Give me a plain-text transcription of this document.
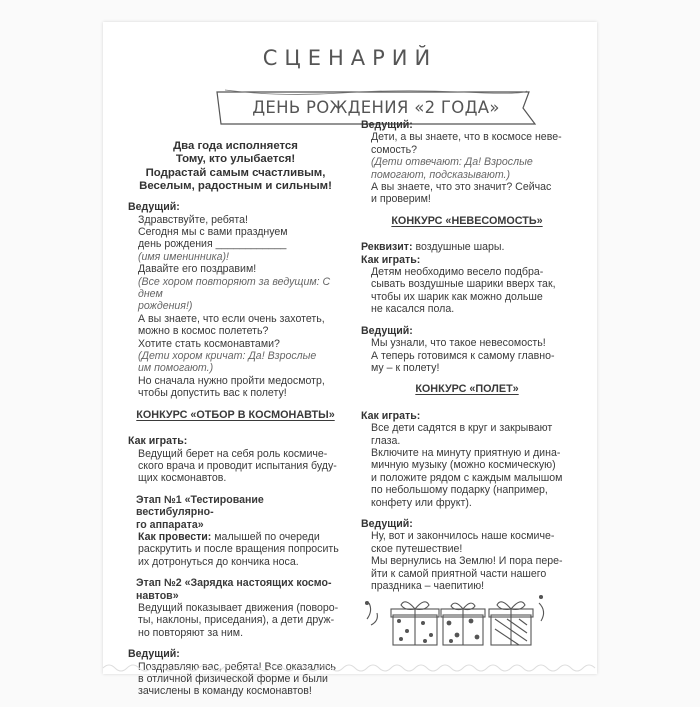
СЦЕНАРИЙ
ДЕНЬ РОЖДЕНИЯ «2 ГОДА»
Два года исполняется
Тому, кто улыбается!
Подрастай самым счастливым,
Веселым, радостным и сильным!
Ведущий:
Здравствуйте, ребята!
Сегодня мы с вами празднуем
день рождения ____________
(имя именинника)!
Давайте его поздравим!
(Все хором повторяют за ведущим: С днем
рождения!)
А вы знаете, что если очень захотеть,
можно в космос полететь?
Хотите стать космонавтами?
(Дети хором кричат: Да! Взрослые
им помогают.)
Но сначала нужно пройти медосмотр,
чтобы допустить вас к полету!
КОНКУРС «ОТБОР В КОСМОНАВТЫ»
Как играть:
Ведущий берет на себя роль космиче-
ского врача и проводит испытания буду-
щих космонавтов.
Этап №1 «Тестирование вестибулярно-
го аппарата»
Как провести: малышей по очереди
раскрутить и после вращения попросить
их дотронуться до кончика носа.
Этап №2 «Зарядка настоящих космо-
навтов»
Ведущий показывает движения (поворо-
ты, наклоны, приседания), а дети друж-
но повторяют за ним.
Ведущий:
Поздравляю вас, ребята! Все оказались
в отличной физической форме и были
зачислены в команду космонавтов!
Ведущий:
Дети, а вы знаете, что в космосе неве-
сомость?
(Дети отвечают: Да! Взрослые
помогают, подсказывают.)
А вы знаете, что это значит? Сейчас
и проверим!
КОНКУРС «НЕВЕСОМОСТЬ»
Реквизит: воздушные шары.
Как играть:
Детям необходимо весело подбра-
сывать воздушные шарики вверх так,
чтобы их шарик как можно дольше
не касался пола.
Ведущий:
Мы узнали, что такое невесомость!
А теперь готовимся к самому главно-
му – к полету!
КОНКУРС «ПОЛЕТ»
Как играть:
Все дети садятся в круг и закрывают глаза.
Включите на минуту приятную и дина-
мичную музыку (можно космическую)
и положите рядом с каждым малышом
по небольшому подарку (например,
конфету или фрукт).
Ведущий:
Ну, вот и закончилось наше космиче-
ское путешествие!
Мы вернулись на Землю! И пора пере-
йти к самой приятной части нашего
праздника – чаепитию!
